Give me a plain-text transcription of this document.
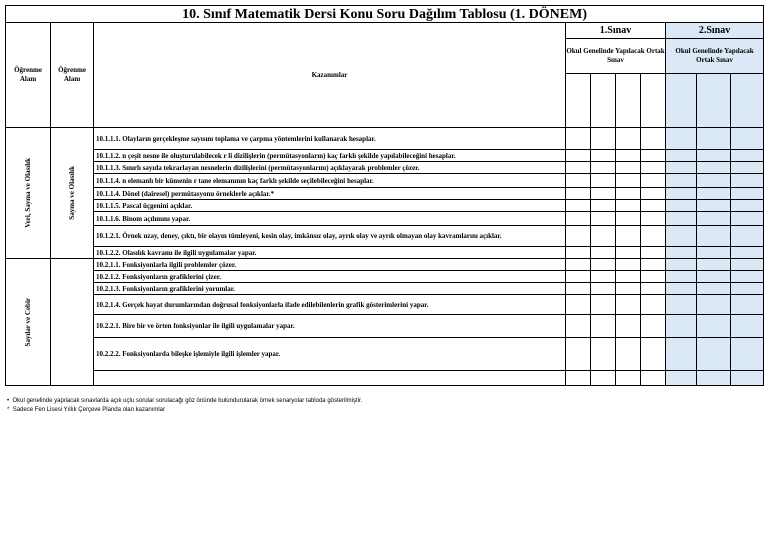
10. Sınıf Matematik Dersi Konu Soru Dağılım Tablosu (1. DÖNEM)									
Öğrenme Alanı	Öğrenme Alanı	Kazanımlar	1.Sınav				2.Sınav		
			Okul Genelinde Yapılacak Ortak Sınav				Okul Genelinde Yapılacak Ortak Sınav		

Veri, Sayma ve Olasılık	Sayma ve Olasılık	10.1.1.1. Olayların gerçekleşme sayısını toplama ve çarpma yöntemlerini kullanarak hesaplar.							
		10.1.1.2. n çeşit nesne ile oluşturulabilecek r li dizilişlerin (permütasyonların) kaç farklı şekilde yapılabileceğini hesaplar.							
		10.1.1.3. Sınırlı sayıda tekrarlayan nesnelerin dizilişlerini (permütasyonlarını) açıklayarak problemler çözer.							
		10.1.1.4. n elemanlı bir kümenin r tane elemanının kaç farklı şekilde seçilebileceğini hesaplar.							
		10.1.1.4. Dönel (dairesel) permütasyonu örneklerle açıklar.*							
		10.1.1.5. Pascal üçgenini açıklar.							
		10.1.1.6. Binom açılımını yapar.							
		10.1.2.1. Örnek uzay, deney, çıktı, bir olayın tümleyeni, kesin olay, imkânsız olay, ayrık olay ve ayrık olmayan olay kavramlarını açıklar.							
		10.1.2.2. Olasılık kavramı ile ilgili uygulamalar yapar.							

Sayılar ve Cebir		10.2.1.1. Fonksiyonlarla ilgili problemler çözer.							
		10.2.1.2. Fonksiyonların grafiklerini çizer.							
		10.2.1.3. Fonksiyonların grafiklerini yorumlar.							
		10.2.1.4. Gerçek hayat durumlarından doğrusal fonksiyonlarla ifade edilebilenlerin grafik gösterimlerini yapar.							
		10.2.2.1. Bire bir ve örten fonksiyonlar ile ilgili uygulamalar yapar.							
		10.2.2.2. Fonksiyonlarda bileşke işlemiyle ilgili işlemler yapar.							

• Okul genelinde yapılacak sınavlarda açık uçlu sorular sorulacağı göz önünde bulundurularak örnek senaryolar tabloda gösterilmiştir.
* Sadece Fen Lisesi Yıllık Çerçeve Planda olan kazanımlar
